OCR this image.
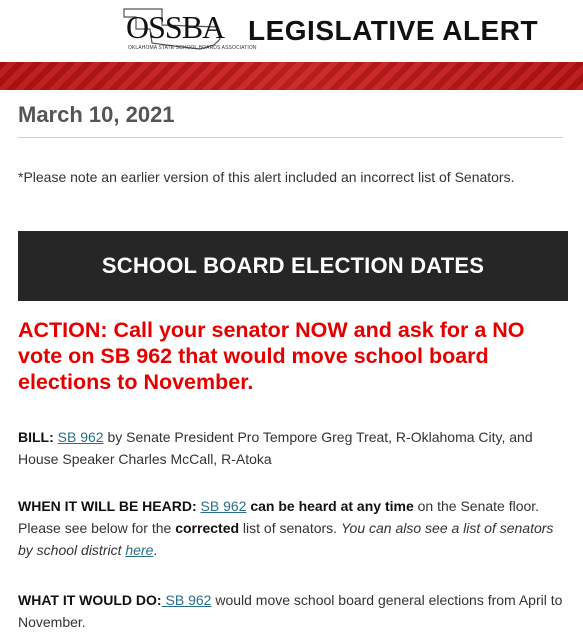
OSSBA
OKLAHOMA STATE SCHOOL BOARDS ASSOCIATION
LEGISLATIVE ALERT
March 10, 2021
*Please note an earlier version of this alert included an incorrect list of Senators.
SCHOOL BOARD ELECTION DATES
ACTION: Call your senator NOW and ask for a NO vote on SB 962 that would move school board elections to November.
BILL: SB 962 by Senate President Pro Tempore Greg Treat, R-Oklahoma City, and House Speaker Charles McCall, R-Atoka
WHEN IT WILL BE HEARD: SB 962 can be heard at any time on the Senate floor. Please see below for the corrected list of senators. You can also see a list of senators by school district here.
WHAT IT WOULD DO: SB 962 would move school board general elections from April to November.
